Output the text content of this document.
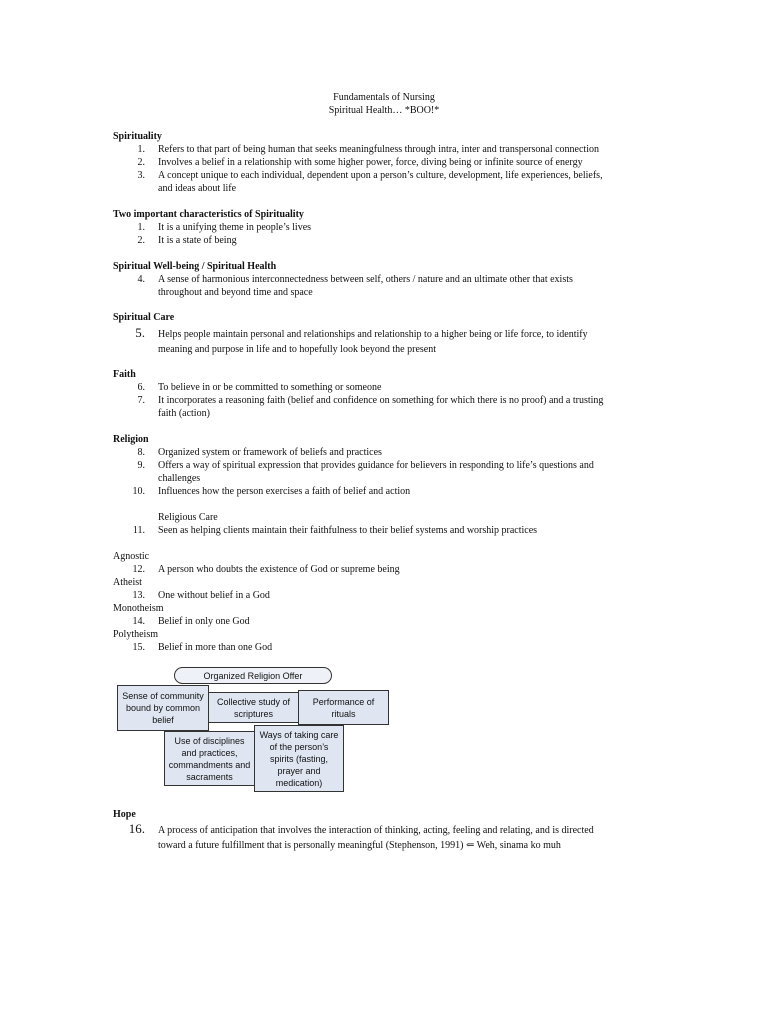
Fundamentals of Nursing
Spiritual Health… *BOO!*
Spirituality
1. Refers to that part of being human that seeks meaningfulness through intra, inter and transpersonal connection
2. Involves a belief in a relationship with some higher power, force, diving being or infinite source of energy
3. A concept unique to each individual, dependent upon a person’s culture, development, life experiences, beliefs,
and ideas about life
Two important characteristics of Spirituality
1. It is a unifying theme in people’s lives
2. It is a state of being
Spiritual Well-being / Spiritual Health
4. A sense of harmonious interconnectedness between self, others / nature and an ultimate other that exists
throughout and beyond time and space
Spiritual Care
5. Helps people maintain personal and relationships and relationship to a higher being or life force, to identify
meaning and purpose in life and to hopefully look beyond the present
Faith
6. To believe in or be committed to something or someone
7. It incorporates a reasoning faith (belief and confidence on something for which there is no proof) and a trusting
faith (action)
Religion
8. Organized system or framework of beliefs and practices
9. Offers a way of spiritual expression that provides guidance for believers in responding to life’s questions and
challenges
10. Influences how the person exercises a faith of belief and action
Religious Care
11. Seen as helping clients maintain their faithfulness to their belief systems and worship practices
Agnostic
12. A person who doubts the existence of God or supreme being
Atheist
13. One without belief in a God
Monotheism
14. Belief in only one God
Polytheism
15. Belief in more than one God
Organized Religion Offer
Sense of community bound by common belief
Collective study of scriptures
Performance of rituals
Use of disciplines and practices, commandments and sacraments
Ways of taking care of the person’s spirits (fasting, prayer and medication)
Hope
16. A process of anticipation that involves the interaction of thinking, acting, feeling and relating, and is directed
toward a future fulfillment that is personally meaningful (Stephenson, 1991) ⇐ Weh, sinama ko muh
